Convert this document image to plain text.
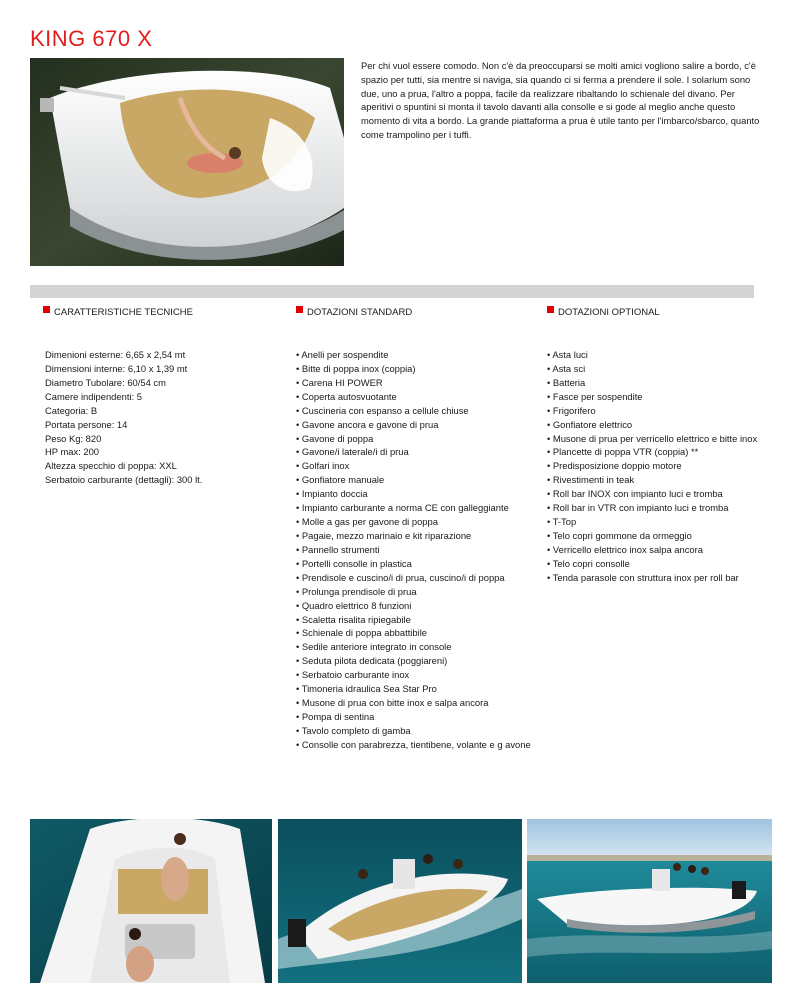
KING 670 X

Per chi vuol essere comodo. Non c'è da preoccuparsi se molti amici vogliono salire a bordo, c'è spazio per tutti, sia mentre si naviga, sia quando ci si ferma a prendere il sole. I solarium sono due, uno a prua, l'altro a poppa, facile da realizzare ribaltando lo schienale del divano. Per aperitivi o spuntini si monta il tavolo davanti alla consolle e si gode al meglio anche questo momento di vita a bordo. La grande piattaforma a prua è utile tanto per l'imbarco/sbarco, quanto come trampolino per i tuffi.

CARATTERISTICHE TECNICHE

Dimenioni esterne: 6,65 x 2,54 mt
Dimensioni interne: 6,10 x 1,39 mt
Diametro Tubolare: 60/54 cm
Camere indipendenti: 5
Categoria: B
Portata persone: 14
Peso Kg: 820
HP max: 200
Altezza specchio di poppa: XXL
Serbatoio carburante (dettagli): 300 lt.

DOTAZIONI STANDARD

• Anelli per sospendite
• Bitte di poppa inox (coppia)
• Carena HI POWER
• Coperta autosvuotante
• Cuscineria con espanso a cellule chiuse
• Gavone ancora e gavone di prua
• Gavone di poppa
• Gavone/i laterale/i di prua
• Golfari inox
• Gonfiatore manuale
• Impianto doccia
• Impianto carburante a norma CE con galleggiante
• Molle a gas per gavone di poppa
• Pagaie, mezzo marinaio e kit riparazione
• Pannello strumenti
• Portelli consolle in plastica
• Prendisole e cuscino/i di prua, cuscino/i di poppa
• Prolunga prendisole di prua
• Quadro elettrico 8 funzioni
• Scaletta risalita ripiegabile
• Schienale di poppa abbattibile
• Sedile anteriore integrato in console
• Seduta pilota dedicata (poggiareni)
• Serbatoio carburante inox
• Timoneria idraulica Sea Star Pro
• Musone di prua con bitte inox e salpa ancora
• Pompa di sentina
• Tavolo completo di gamba
• Consolle con parabrezza, tientibene, volante e g avone

DOTAZIONI OPTIONAL

• Asta luci
• Asta sci
• Batteria
• Fasce per sospendite
• Frigorifero
• Gonfiatore elettrico
• Musone di prua per verricello elettrico e bitte inox
• Plancette di poppa VTR (coppia) **
• Predisposizione doppio motore
• Rivestimenti in teak
• Roll bar INOX con impianto luci e tromba
• Roll bar in VTR con impianto luci e tromba
• T-Top
• Telo copri gommone da ormeggio
• Verricello elettrico inox salpa ancora
• Telo copri consolle
• Tenda parasole con struttura inox per roll bar
